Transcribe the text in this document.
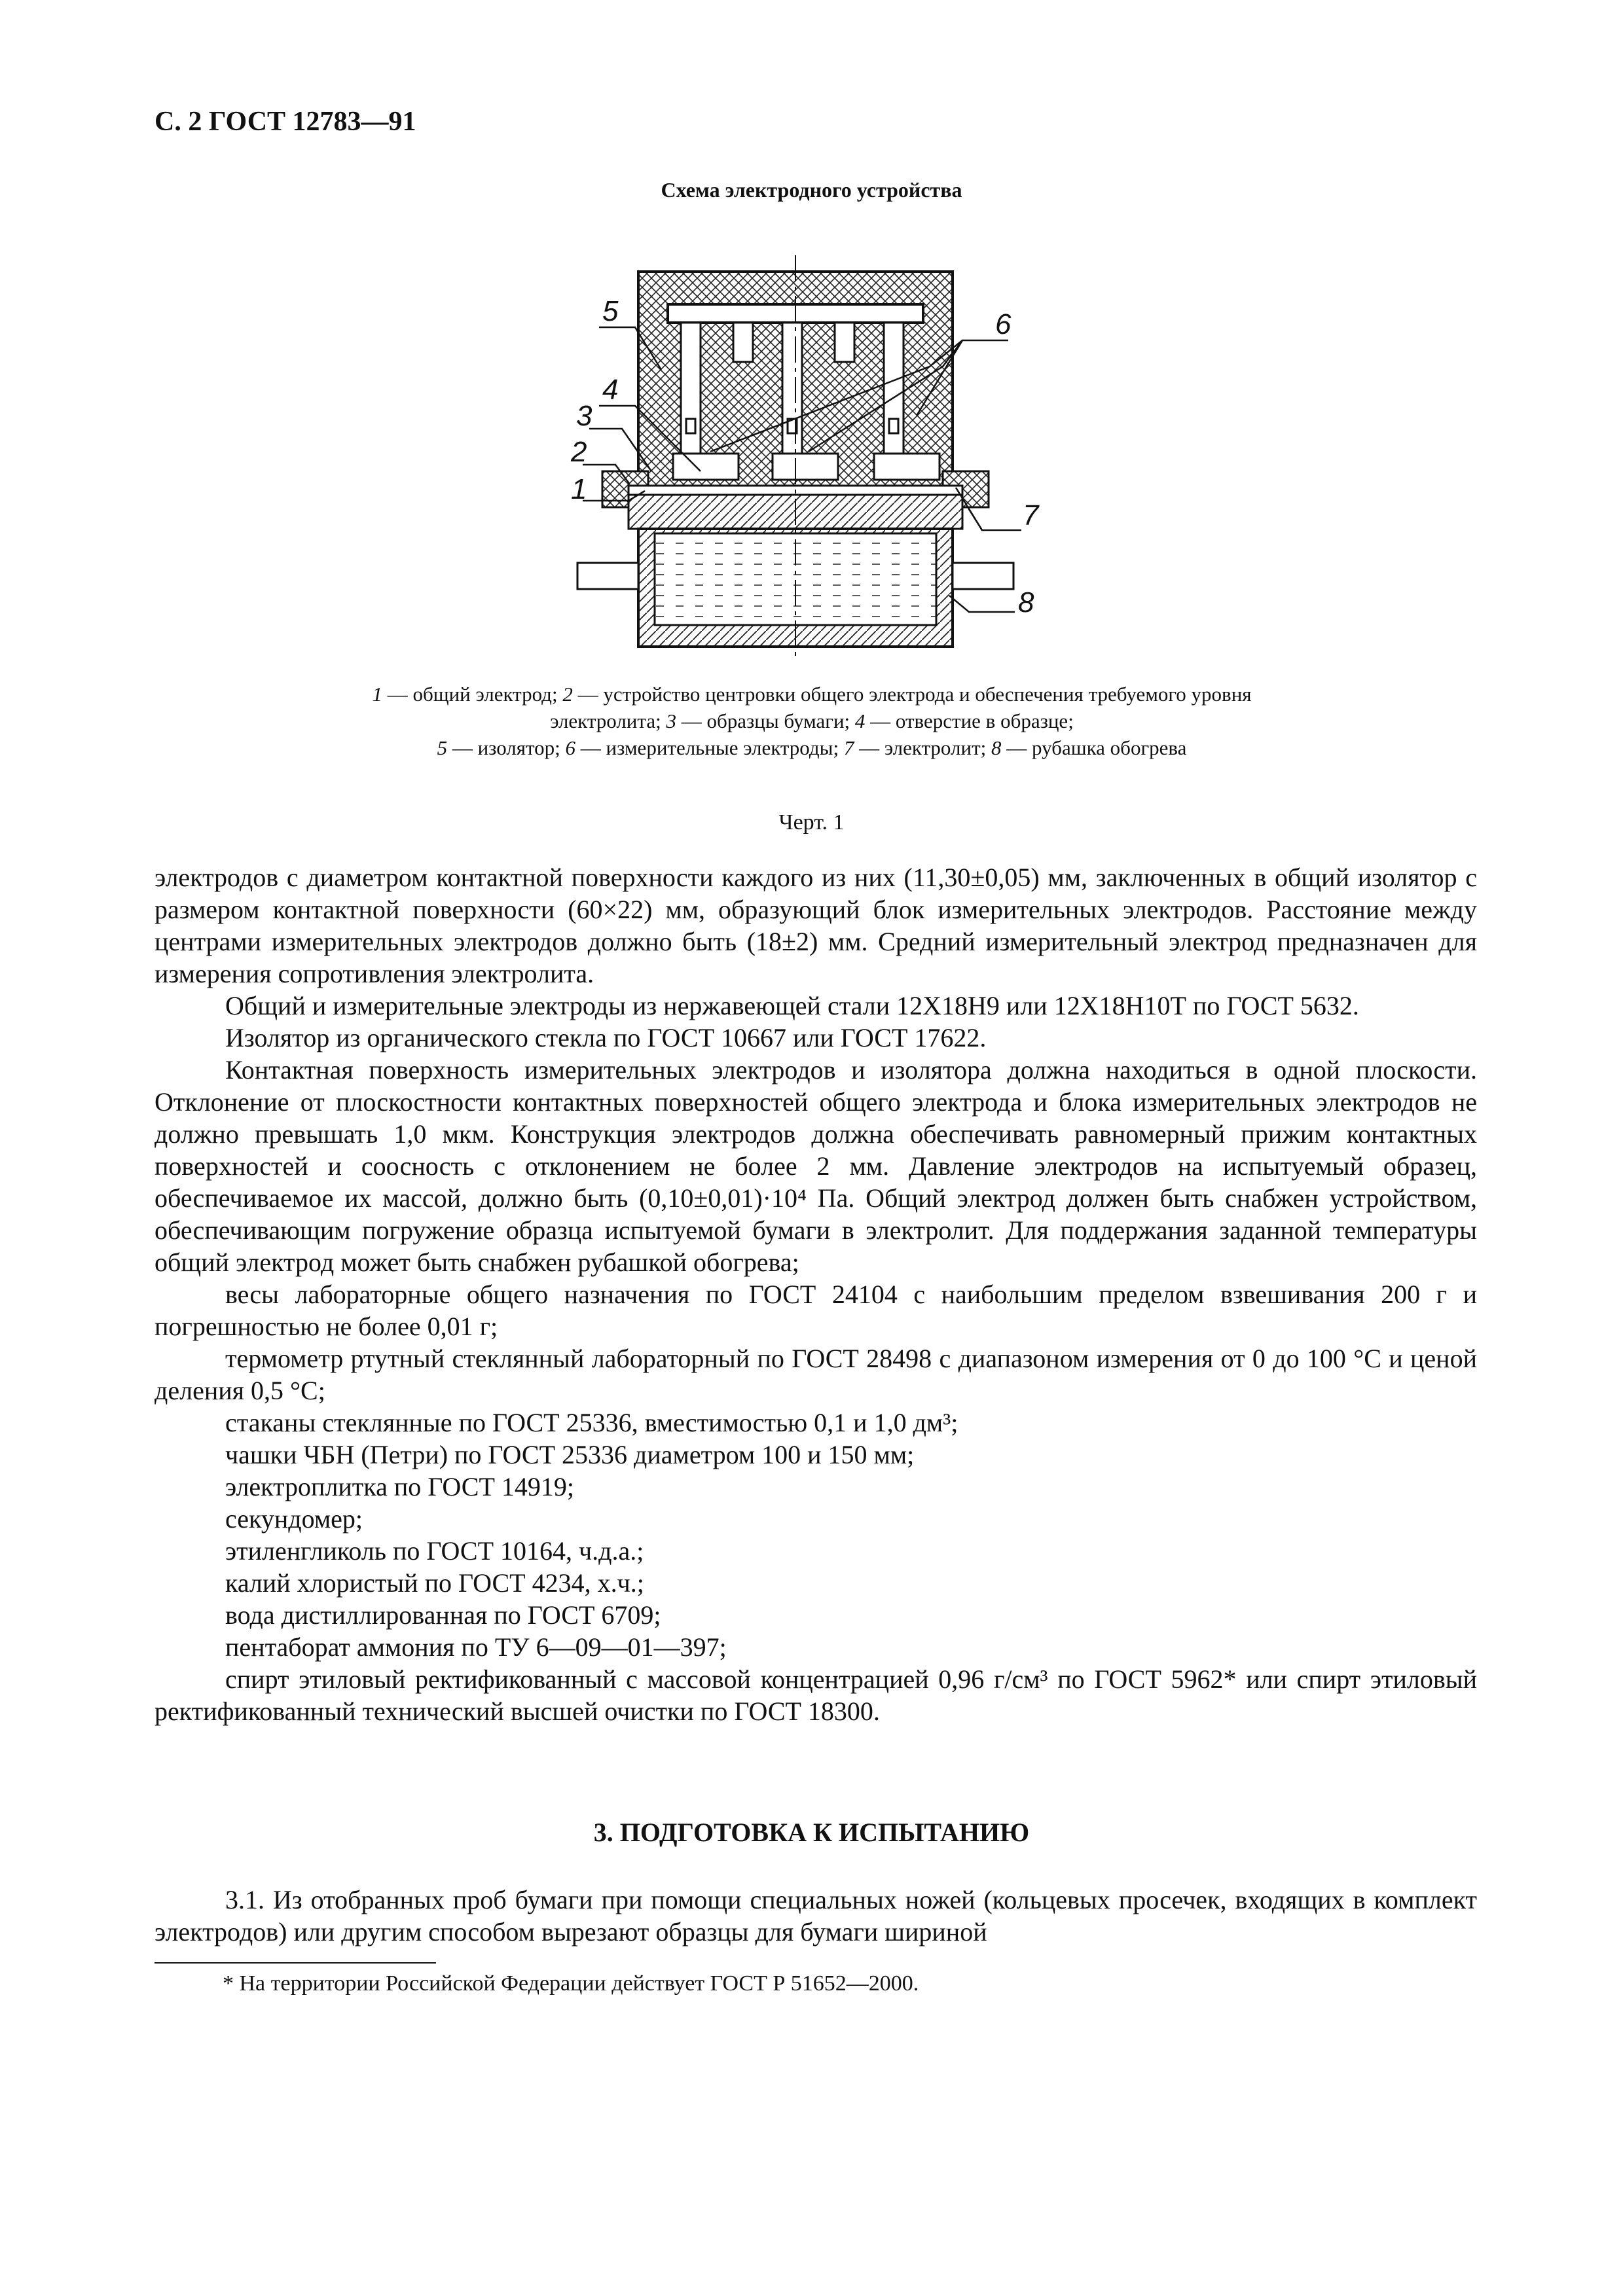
С. 2 ГОСТ 12783—91
Схема электродного устройства
5	6
4
3
2
1
7
8

1 — общий электрод; 2 — устройство центровки общего электрода и обеспечения требуемого уровня электролита; 3 — образцы бумаги; 4 — отверстие в образце;
5 — изолятор; 6 — измерительные электроды; 7 — электролит; 8 — рубашка обогрева

Черт. 1

электродов с диаметром контактной поверхности каждого из них (11,30±0,05) мм, заключенных в общий изолятор с размером контактной поверхности (60×22) мм, образующий блок измерительных электродов. Расстояние между центрами измерительных электродов должно быть (18±2) мм. Средний измерительный электрод предназначен для измерения сопротивления электролита.

Общий и измерительные электроды из нержавеющей стали 12Х18Н9 или 12Х18Н10Т по ГОСТ 5632.

Изолятор из органического стекла по ГОСТ 10667 или ГОСТ 17622.

Контактная поверхность измерительных электродов и изолятора должна находиться в одной плоскости. Отклонение от плоскостности контактных поверхностей общего электрода и блока измерительных электродов не должно превышать 1,0 мкм. Конструкция электродов должна обеспечивать равномерный прижим контактных поверхностей и соосность с отклонением не более 2 мм. Давление электродов на испытуемый образец, обеспечиваемое их массой, должно быть (0,10±0,01)·10⁴ Па. Общий электрод должен быть снабжен устройством, обеспечивающим погружение образца испытуемой бумаги в электролит. Для поддержания заданной температуры общий электрод может быть снабжен рубашкой обогрева;

весы лабораторные общего назначения по ГОСТ 24104 с наибольшим пределом взвешивания 200 г и погрешностью не более 0,01 г;

термометр ртутный стеклянный лабораторный по ГОСТ 28498 с диапазоном измерения от 0 до 100 °С и ценой деления 0,5 °С;

стаканы стеклянные по ГОСТ 25336, вместимостью 0,1 и 1,0 дм³;

чашки ЧБН (Петри) по ГОСТ 25336 диаметром 100 и 150 мм;

электроплитка по ГОСТ 14919;

секундомер;

этиленгликоль по ГОСТ 10164, ч.д.а.;

калий хлористый по ГОСТ 4234, х.ч.;

вода дистиллированная по ГОСТ 6709;

пентаборат аммония по ТУ 6—09—01—397;

спирт этиловый ректификованный с массовой концентрацией 0,96 г/см³ по ГОСТ 5962* или спирт этиловый ректификованный технический высшей очистки по ГОСТ 18300.

3. ПОДГОТОВКА К ИСПЫТАНИЮ

3.1. Из отобранных проб бумаги при помощи специальных ножей (кольцевых просечек, входящих в комплект электродов) или другим способом вырезают образцы для бумаги шириной

* На территории Российской Федерации действует ГОСТ Р 51652—2000.
